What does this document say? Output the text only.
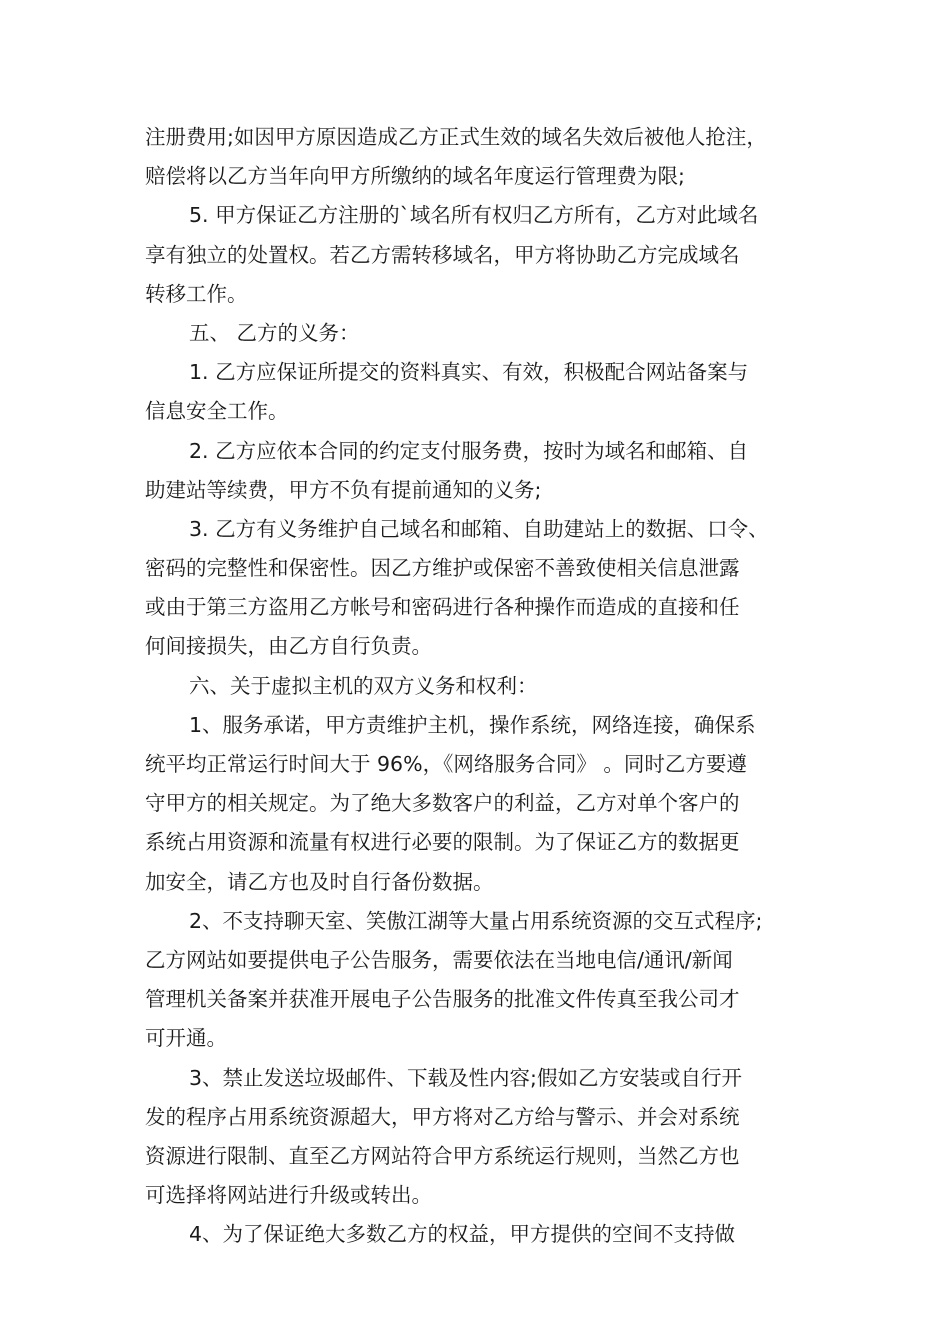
注册费用;如因甲方原因造成乙方正式生效的域名失效后被他人抢注，
赔偿将以乙方当年向甲方所缴纳的域名年度运行管理费为限;
5. 甲方保证乙方注册的`域名所有权归乙方所有，乙方对此域名
享有独立的处置权。若乙方需转移域名，甲方将协助乙方完成域名
转移工作。
五、 乙方的义务：
1. 乙方应保证所提交的资料真实、有效，积极配合网站备案与
信息安全工作。
2. 乙方应依本合同的约定支付服务费，按时为域名和邮箱、自
助建站等续费，甲方不负有提前通知的义务;
3. 乙方有义务维护自己域名和邮箱、自助建站上的数据、口令、
密码的完整性和保密性。因乙方维护或保密不善致使相关信息泄露
或由于第三方盗用乙方帐号和密码进行各种操作而造成的直接和任
何间接损失，由乙方自行负责。
六、关于虚拟主机的双方义务和权利：
1、服务承诺，甲方责维护主机，操作系统，网络连接，确保系
统平均正常运行时间大于 96%，《网络服务合同》 。同时乙方要遵
守甲方的相关规定。为了绝大多数客户的利益，乙方对单个客户的
系统占用资源和流量有权进行必要的限制。为了保证乙方的数据更
加安全，请乙方也及时自行备份数据。
2、不支持聊天室、笑傲江湖等大量占用系统资源的交互式程序;
乙方网站如要提供电子公告服务，需要依法在当地电信/通讯/新闻
管理机关备案并获准开展电子公告服务的批准文件传真至我公司才
可开通。
3、禁止发送垃圾邮件、下载及性内容;假如乙方安装或自行开
发的程序占用系统资源超大，甲方将对乙方给与警示、并会对系统
资源进行限制、直至乙方网站符合甲方系统运行规则，当然乙方也
可选择将网站进行升级或转出。
4、为了保证绝大多数乙方的权益，甲方提供的空间不支持做
